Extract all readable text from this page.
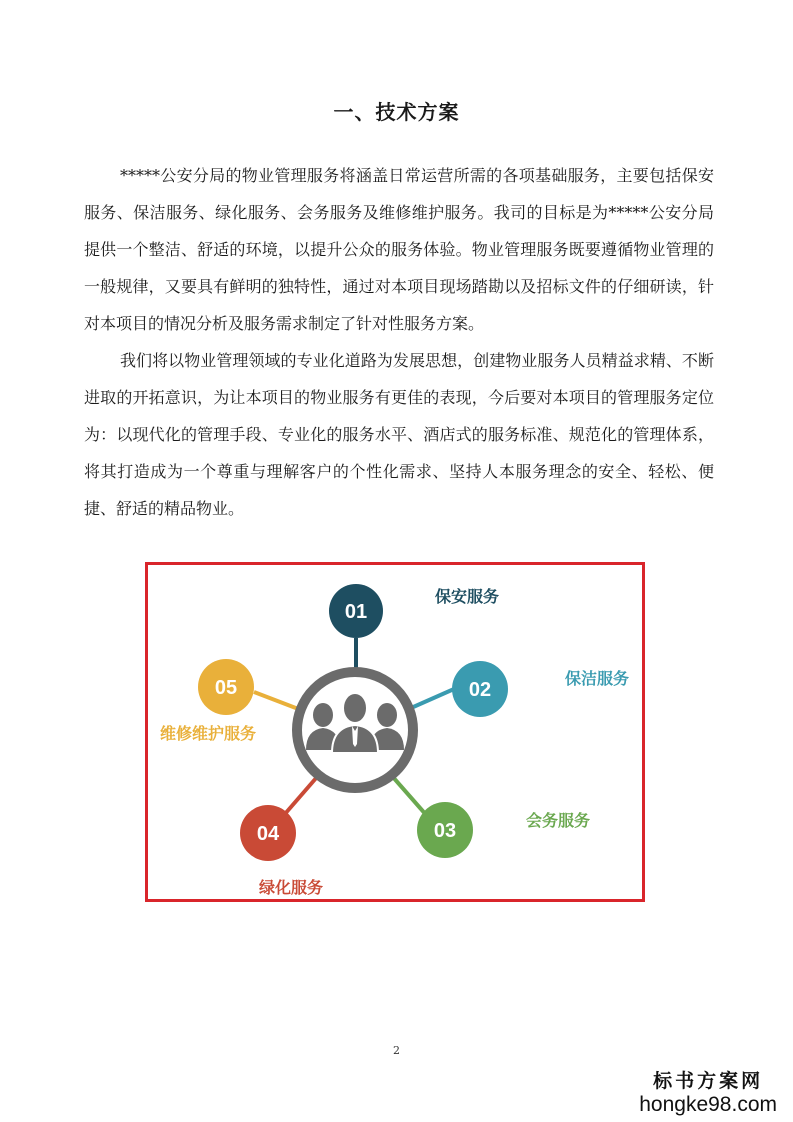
一、技术方案

*****公安分局的物业管理服务将涵盖日常运营所需的各项基础服务，主要包括保安服务、保洁服务、绿化服务、会务服务及维修维护服务。我司的目标是为*****公安分局提供一个整洁、舒适的环境，以提升公众的服务体验。物业管理服务既要遵循物业管理的一般规律，又要具有鲜明的独特性，通过对本项目现场踏勘以及招标文件的仔细研读，针对本项目的情况分析及服务需求制定了针对性服务方案。

我们将以物业管理领域的专业化道路为发展思想，创建物业服务人员精益求精、不断进取的开拓意识，为让本项目的物业服务有更佳的表现，今后要对本项目的管理服务定位为：以现代化的管理手段、专业化的服务水平、酒店式的服务标准、规范化的管理体系，将其打造成为一个尊重与理解客户的个性化需求、坚持人本服务理念的安全、轻松、便捷、舒适的精品物业。

01
02
03
04
05
保安服务
保洁服务
会务服务
绿化服务
维修维护服务
2
标书方案网
hongke98.com
